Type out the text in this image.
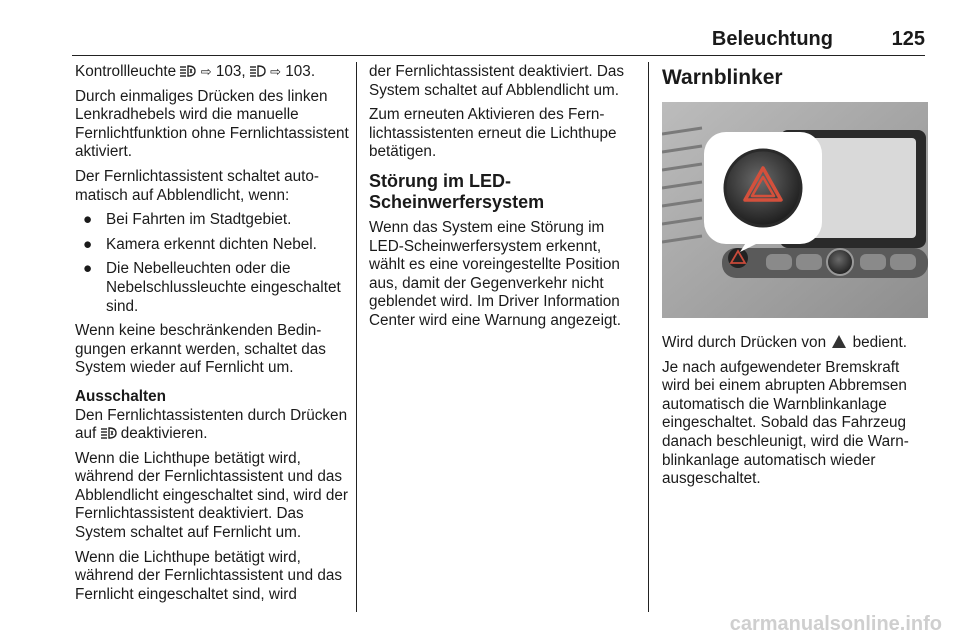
Beleuchtung	125

Kontrollleuchte  ⇨ 103,  ⇨ 103.

Durch einmaliges Drücken des linken Lenkradhebels wird die manuelle Fernlichtfunktion ohne Fernlichtassistent aktiviert.

Der Fernlichtassistent schaltet automatisch auf Abblendlicht, wenn:

● Bei Fahrten im Stadtgebiet.
● Kamera erkennt dichten Nebel.
● Die Nebelleuchten oder die Nebelschlussleuchte eingeschaltet sind.

Wenn keine beschränkenden Bedingungen erkannt werden, schaltet das System wieder auf Fernlicht um.

Ausschalten

Den Fernlichtassistenten durch Drücken auf  deaktivieren.

Wenn die Lichthupe betätigt wird, während der Fernlichtassistent und das Abblendlicht eingeschaltet sind, wird der Fernlichtassistent deaktiviert. Das System schaltet auf Fernlicht um.

Wenn die Lichthupe betätigt wird, während der Fernlichtassistent und das Fernlicht eingeschaltet sind, wird

der Fernlichtassistent deaktiviert. Das System schaltet auf Abblendlicht um.

Zum erneuten Aktivieren des Fernlichtassistenten erneut die Lichthupe betätigen.

Störung im LED-Scheinwerfersystem

Wenn das System eine Störung im LED-Scheinwerfersystem erkennt, wählt es eine voreingestellte Position aus, damit der Gegenverkehr nicht geblendet wird. Im Driver Information Center wird eine Warnung angezeigt.

Warnblinker

Wird durch Drücken von  bedient.

Je nach aufgewendeter Bremskraft wird bei einem abrupten Abbremsen automatisch die Warnblinkanlage eingeschaltet. Sobald das Fahrzeug danach beschleunigt, wird die Warnblinkanlage automatisch wieder ausgeschaltet.

carmanualsonline.info
